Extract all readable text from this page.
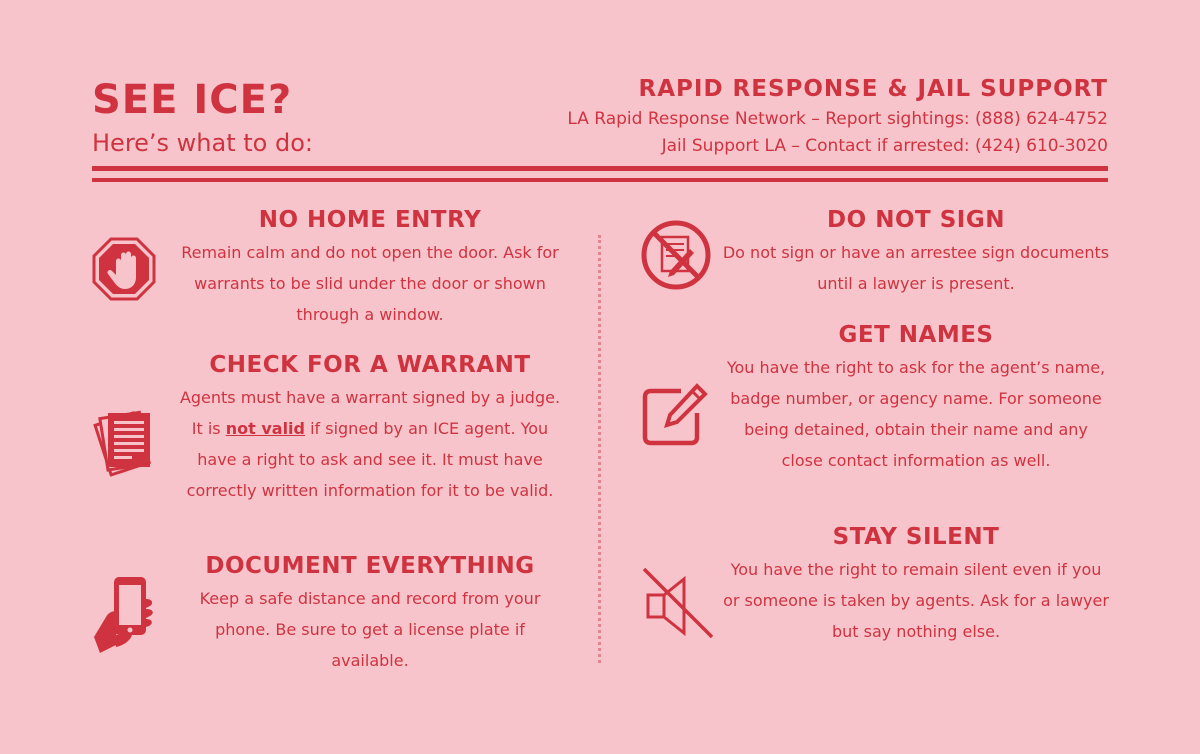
SEE ICE?
Here’s what to do:
RAPID RESPONSE & JAIL SUPPORT
LA Rapid Response Network – Report sightings: (888) 624-4752
Jail Support LA – Contact if arrested: (424) 610-3020
NO HOME ENTRY

Remain calm and do not open the door. Ask for warrants to be slid under the door or shown through a window.

CHECK FOR A WARRANT

Agents must have a warrant signed by a judge. It is not valid if signed by an ICE agent. You have a right to ask and see it. It must have correctly written information for it to be valid.

DOCUMENT EVERYTHING

Keep a safe distance and record from your phone. Be sure to get a license plate if available.

DO NOT SIGN

Do not sign or have an arrestee sign documents until a lawyer is present.

GET NAMES

You have the right to ask for the agent’s name, badge number, or agency name. For someone being detained, obtain their name and any close contact information as well.

STAY SILENT

You have the right to remain silent even if you or someone is taken by agents. Ask for a lawyer but say nothing else.
